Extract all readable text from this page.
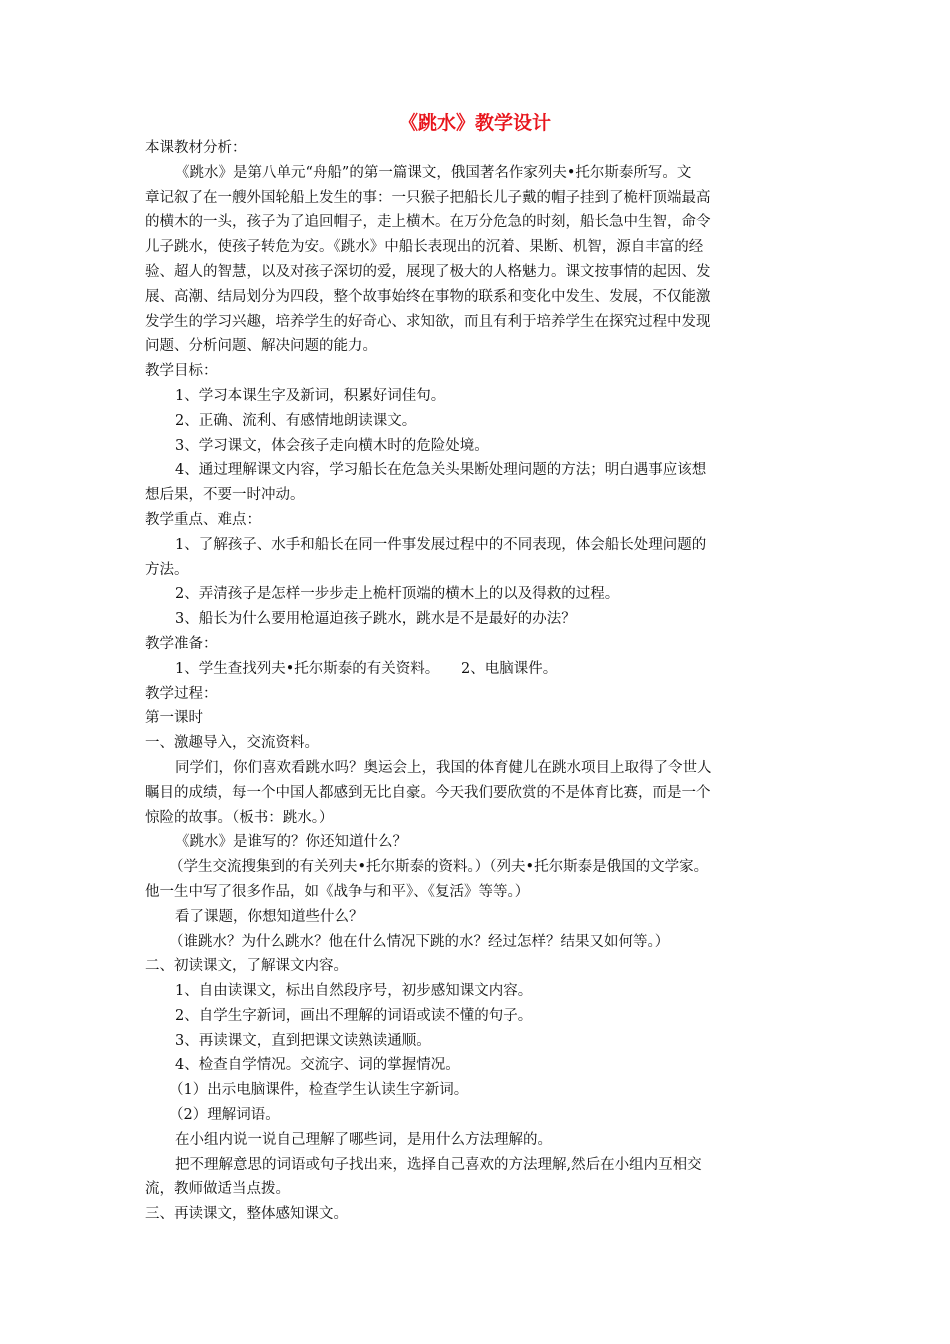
《跳水》教学设计
本课教材分析：
《跳水》是第八单元“舟船”的第一篇课文，俄国著名作家列夫•托尔斯泰所写。文
章记叙了在一艘外国轮船上发生的事：一只猴子把船长儿子戴的帽子挂到了桅杆顶端最高
的横木的一头，孩子为了追回帽子，走上横木。在万分危急的时刻，船长急中生智，命令
儿子跳水，使孩子转危为安。《跳水》中船长表现出的沉着、果断、机智，源自丰富的经
验、超人的智慧，以及对孩子深切的爱，展现了极大的人格魅力。课文按事情的起因、发
展、高潮、结局划分为四段，整个故事始终在事物的联系和变化中发生、发展，不仅能激
发学生的学习兴趣，培养学生的好奇心、求知欲，而且有利于培养学生在探究过程中发现
问题、分析问题、解决问题的能力。
教学目标：
1、学习本课生字及新词，积累好词佳句。
2、正确、流利、有感情地朗读课文。
3、学习课文，体会孩子走向横木时的危险处境。
4、通过理解课文内容，学习船长在危急关头果断处理问题的方法；明白遇事应该想
想后果，不要一时冲动。
教学重点、难点：
1、了解孩子、水手和船长在同一件事发展过程中的不同表现，体会船长处理问题的
方法。
2、弄清孩子是怎样一步步走上桅杆顶端的横木上的以及得救的过程。
3、船长为什么要用枪逼迫孩子跳水，跳水是不是最好的办法？
教学准备：
1、学生查找列夫•托尔斯泰的有关资料。　　2、电脑课件。
教学过程：
第一课时
一、激趣导入，交流资料。
同学们，你们喜欢看跳水吗？奥运会上，我国的体育健儿在跳水项目上取得了令世人
瞩目的成绩，每一个中国人都感到无比自豪。今天我们要欣赏的不是体育比赛，而是一个
惊险的故事。（板书：跳水。）
《跳水》是谁写的？你还知道什么？
（学生交流搜集到的有关列夫•托尔斯泰的资料。）（列夫•托尔斯泰是俄国的文学家。
他一生中写了很多作品，如《战争与和平》、《复活》等等。）
看了课题，你想知道些什么？
（谁跳水？为什么跳水？他在什么情况下跳的水？经过怎样？结果又如何等。）
二、初读课文，了解课文内容。
1、自由读课文，标出自然段序号，初步感知课文内容。
2、自学生字新词，画出不理解的词语或读不懂的句子。
3、再读课文，直到把课文读熟读通顺。
4、检查自学情况。交流字、词的掌握情况。
（1）出示电脑课件，检查学生认读生字新词。
（2）理解词语。
在小组内说一说自己理解了哪些词，是用什么方法理解的。
把不理解意思的词语或句子找出来，选择自己喜欢的方法理解,然后在小组内互相交
流，教师做适当点拨。
三、再读课文，整体感知课文。
